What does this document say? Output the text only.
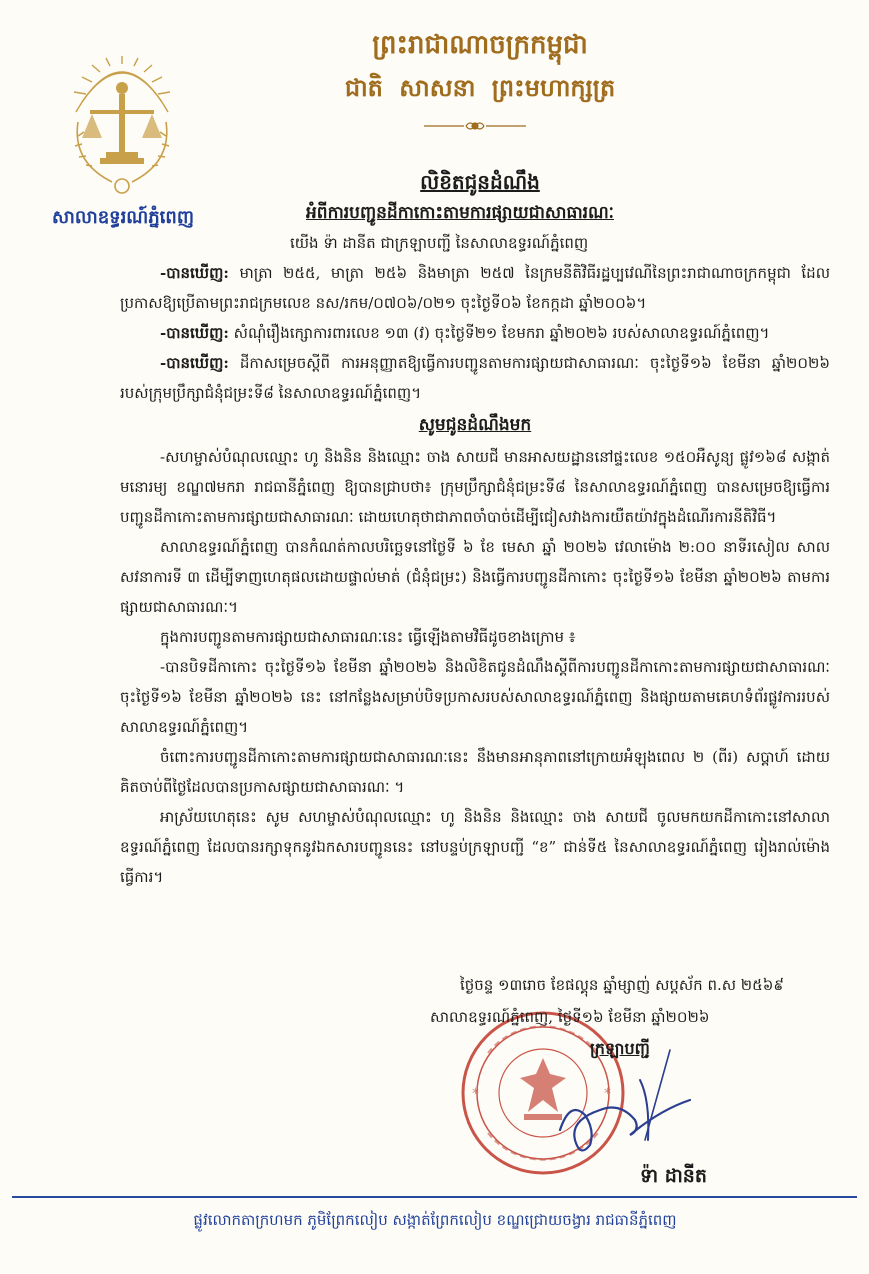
សាលាឧទ្ធរណ៍ភ្នំពេញ
ព្រះរាជាណាចក្រកម្ពុជា
ជាតិ សាសនា ព្រះមហាក្សត្រ
លិខិតជូនដំណឹង
អំពីការបញ្ជូនដីកាកោះតាមការផ្សាយជាសាធារណៈ

យើង ទ៉ា ដានីត ជាក្រឡាបញ្ជី នៃសាលាឧទ្ធរណ៍ភ្នំពេញ

-បានឃើញ: មាត្រា ២៥៥, មាត្រា ២៥៦ និងមាត្រា ២៥៧ នៃក្រមនីតិវិធីរដ្ឋប្បវេណីនៃព្រះរាជាណាចក្រកម្ពុជា ដែលប្រកាសឱ្យប្រើតាមព្រះរាជក្រមលេខ នស/រកម/០៧០៦/០២១ ចុះថ្ងៃទី០៦ ខែកក្កដា ឆ្នាំ២០០៦។

-បានឃើញ: សំណុំរឿងក្សោការពារលេខ ១៣ (វ) ចុះថ្ងៃទី២១ ខែមករា ឆ្នាំ២០២៦ របស់សាលាឧទ្ធរណ៍ភ្នំពេញ។

-បានឃើញ: ដីកាសម្រេចស្តីពី ការអនុញ្ញាតឱ្យធ្វើការបញ្ជូនតាមការផ្សាយជាសាធារណៈ ចុះថ្ងៃទី១៦ ខែមីនា ឆ្នាំ២០២៦ របស់ក្រុមប្រឹក្សាជំនុំជម្រះទី៨ នៃសាលាឧទ្ធរណ៍ភ្នំពេញ។

សូមជូនដំណឹងមក

-សហម្ចាស់បំណុលឈ្មោះ ហូ និងនិន និងឈ្មោះ ចាង សាយជី មានអាសយដ្ឋាននៅផ្ទះលេខ ១៥០អឺសូន្យ ផ្លូវ១៦៨ សង្កាត់មនោរម្យ ខណ្ឌ៧មករា រាជធានីភ្នំពេញ ឱ្យបានជ្រាបថា៖ ក្រុមប្រឹក្សាជំនុំជម្រះទី៨ នៃសាលាឧទ្ធរណ៍ភ្នំពេញ បានសម្រេចឱ្យធ្វើការបញ្ជូនដីកាកោះតាមការផ្សាយជាសាធារណៈ ដោយហេតុថាជាភាពចាំបាច់ដើម្បីជៀសវាងការយឺតយ៉ាវក្នុងដំណើរការនីតិវិធី។

សាលាឧទ្ធរណ៍ភ្នំពេញ បានកំណត់កាលបរិច្ឆេទនៅថ្ងៃទី ៦ ខែ មេសា ឆ្នាំ ២០២៦ វេលាម៉ោង ២:០០ នាទីរសៀល សាលសវនាការទី ៣ ដើម្បីទាញហេតុផលដោយផ្ទាល់មាត់ (ជំនុំជម្រះ) និងធ្វើការបញ្ជូនដីកាកោះ ចុះថ្ងៃទី១៦ ខែមីនា ឆ្នាំ២០២៦ តាមការផ្សាយជាសាធារណៈ។

ក្នុងការបញ្ជូនតាមការផ្សាយជាសាធារណៈនេះ ធ្វើឡើងតាមវិធីដូចខាងក្រោម ៖

-បានបិទដីកាកោះ ចុះថ្ងៃទី១៦ ខែមីនា ឆ្នាំ២០២៦ និងលិខិតជូនដំណឹងស្តីពីការបញ្ជូនដីកាកោះតាមការផ្សាយជាសាធារណៈ ចុះថ្ងៃទី១៦ ខែមីនា ឆ្នាំ២០២៦ នេះ នៅកន្លែងសម្រាប់បិទប្រកាសរបស់សាលាឧទ្ធរណ៍ភ្នំពេញ និងផ្សាយតាមគេហទំព័រផ្លូវការរបស់សាលាឧទ្ធរណ៍ភ្នំពេញ។

ចំពោះការបញ្ជូនដីកាកោះតាមការផ្សាយជាសាធារណៈនេះ នឹងមានអានុភាពនៅក្រោយអំឡុងពេល ២ (ពីរ) សប្តាហ៍ ដោយគិតចាប់ពីថ្ងៃដែលបានប្រកាសផ្សាយជាសាធារណៈ ។

អាស្រ័យហេតុនេះ សូម សហម្ចាស់បំណុលឈ្មោះ ហូ និងនិន និងឈ្មោះ ចាង សាយជី ចូលមកយកដីកាកោះនៅសាលាឧទ្ធរណ៍ភ្នំពេញ ដែលបានរក្សាទុកនូវឯកសារបញ្ជូននេះ នៅបន្ទប់ក្រឡាបញ្ជី “ខ” ជាន់ទី៥ នៃសាលាឧទ្ធរណ៍ភ្នំពេញ រៀងរាល់ម៉ោងធ្វើការ។

*	*
ថ្ងៃចន្ទ ១៣រោច ខែផល្គុន ឆ្នាំម្សាញ់ សប្តស័ក ព.ស ២៥៦៩
សាលាឧទ្ធរណ៍ភ្នំពេញ, ថ្ងៃទី១៦ ខែមីនា ឆ្នាំ២០២៦
ក្រឡាបញ្ជី
ទ៉ា ដានីត
ផ្លូវលោកតាក្រហមក ភូមិព្រែកលៀប សង្កាត់ព្រែកលៀប ខណ្ឌជ្រោយចង្វារ រាជធានីភ្នំពេញ
